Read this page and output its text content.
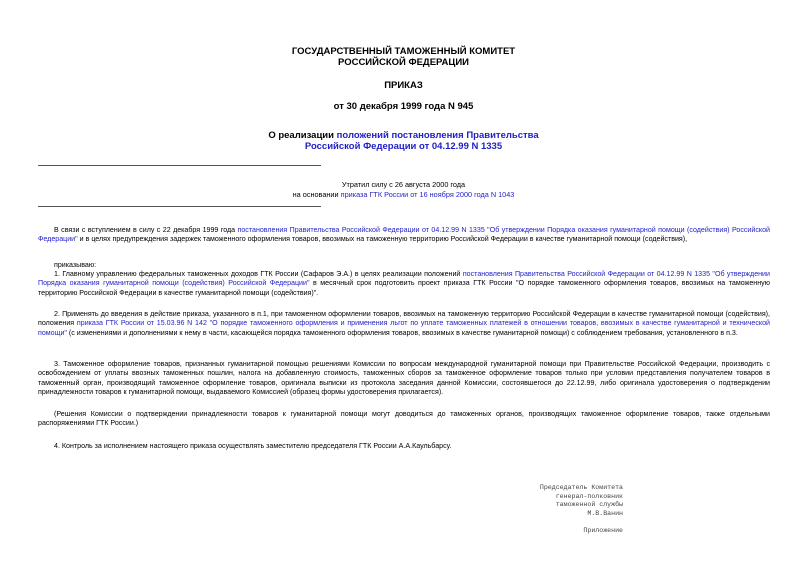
ГОСУДАРСТВЕННЫЙ ТАМОЖЕННЫЙ КОМИТЕТ
РОССИЙСКОЙ ФЕДЕРАЦИИ
ПРИКАЗ
от 30 декабря 1999 года N 945
О реализации положений постановления Правительства
Российской Федерации от 04.12.99 N 1335
Утратил силу с 26 августа 2000 года
на основании приказа ГТК России от 16 ноября 2000 года N 1043

В связи с вступлением в силу с 22 декабря 1999 года постановления Правительства Российской Федерации от 04.12.99 N 1335 "Об утверждении Порядка оказания гуманитарной помощи (содействия) Российской Федерации" и в целях предупреждения задержек таможенного оформления товаров, ввозимых на таможенную территорию Российской Федерации в качестве гуманитарной помощи (содействия),

приказываю:

1. Главному управлению федеральных таможенных доходов ГТК России (Сафаров Э.А.) в целях реализации положений постановления Правительства Российской Федерации от 04.12.99 N 1335 "Об утверждении Порядка оказания гуманитарной помощи (содействия) Российской Федерации" в месячный срок подготовить проект приказа ГТК России "О порядке таможенного оформления товаров, ввозимых на таможенную территорию Российской Федерации в качестве гуманитарной помощи (содействия)".

2. Применять до введения в действие приказа, указанного в п.1, при таможенном оформлении товаров, ввозимых на таможенную территорию Российской Федерации в качестве гуманитарной помощи (содействия), положения приказа ГТК России от 15.03.96 N 142 "О порядке таможенного оформления и применения льгот по уплате таможенных платежей в отношении товаров, ввозимых в качестве гуманитарной и технической помощи" (с изменениями и дополнениями к нему в части, касающейся порядка таможенного оформления товаров, ввозимых в качестве гуманитарной помощи) с соблюдением требования, установленного в п.3.

3. Таможенное оформление товаров, признанных гуманитарной помощью решениями Комиссии по вопросам международной гуманитарной помощи при Правительстве Российской Федерации, производить с освобождением от уплаты ввозных таможенных пошлин, налога на добавленную стоимость, таможенных сборов за таможенное оформление товаров только при условии представления получателем товаров в таможенный орган, производящий таможенное оформление товаров, оригинала выписки из протокола заседания данной Комиссии, состоявшегося до 22.12.99, либо оригинала удостоверения о подтверждении принадлежности товаров к гуманитарной помощи, выдаваемого Комиссией (образец формы удостоверения прилагается).

(Решения Комиссии о подтверждении принадлежности товаров к гуманитарной помощи могут доводиться до таможенных органов, производящих таможенное оформление товаров, также отдельными распоряжениями ГТК России.)

4. Контроль за исполнением настоящего приказа осуществлять заместителю председателя ГТК России А.А.Каульбарсу.

Председатель Комитета
генерал-полковник
таможенной службы
М.В.Ванин
Приложение
